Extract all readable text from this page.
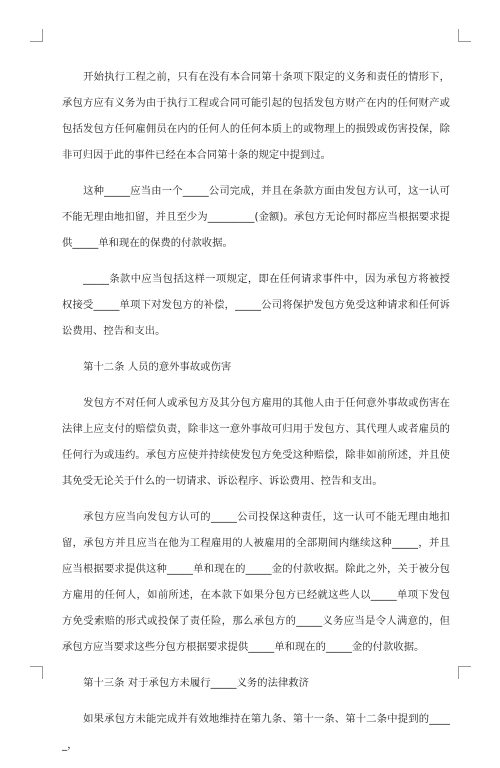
开始执行工程之前，只有在没有本合同第十条项下限定的义务和责任的情形下，承包方应有义务为由于执行工程或合同可能引起的包括发包方财产在内的任何财产或包括发包方任何雇佣员在内的任何人的任何本质上的或物理上的损毁或伤害投保，除非可归因于此的事件已经在本合同第十条的规定中提到过。

这种_____应当由一个_____公司完成，并且在条款方面由发包方认可，这一认可不能无理由地扣留，并且至少为_________(金额)。承包方无论何时都应当根据要求提供_____单和现在的保费的付款收据。

_____条款中应当包括这样一项规定，即在任何请求事件中，因为承包方将被授权接受_____单项下对发包方的补偿，_____公司将保护发包方免受这种请求和任何诉讼费用、控告和支出。

第十二条 人员的意外事故或伤害

发包方不对任何人或承包方及其分包方雇用的其他人由于任何意外事故或伤害在法律上应支付的赔偿负责，除非这一意外事故可归用于发包方、其代理人或者雇员的任何行为或违约。承包方应使并持续使发包方免受这种赔偿，除非如前所述，并且使其免受无论关于什么的一切请求、诉讼程序、诉讼费用、控告和支出。

承包方应当向发包方认可的_____公司投保这种责任，这一认可不能无理由地扣留，承包方并且应当在他为工程雇用的人被雇用的全部期间内继续这种_____，并且应当根据要求提供这种_____单和现在的_____金的付款收据。除此之外，关于被分包方雇用的任何人，如前所述，在本款下如果分包方已经就这些人以_____单项下发包方免受索赔的形式或投保了责任险，那么承包方的_____义务应当是令人满意的，但承包方应当要求这些分包方根据要求提供_____单和现在的_____金的付款收据。

第十三条 对于承包方未履行_____义务的法律救济

如果承包方未能完成并有效地维持在第九条、第十一条、第十二条中提到的_____，
